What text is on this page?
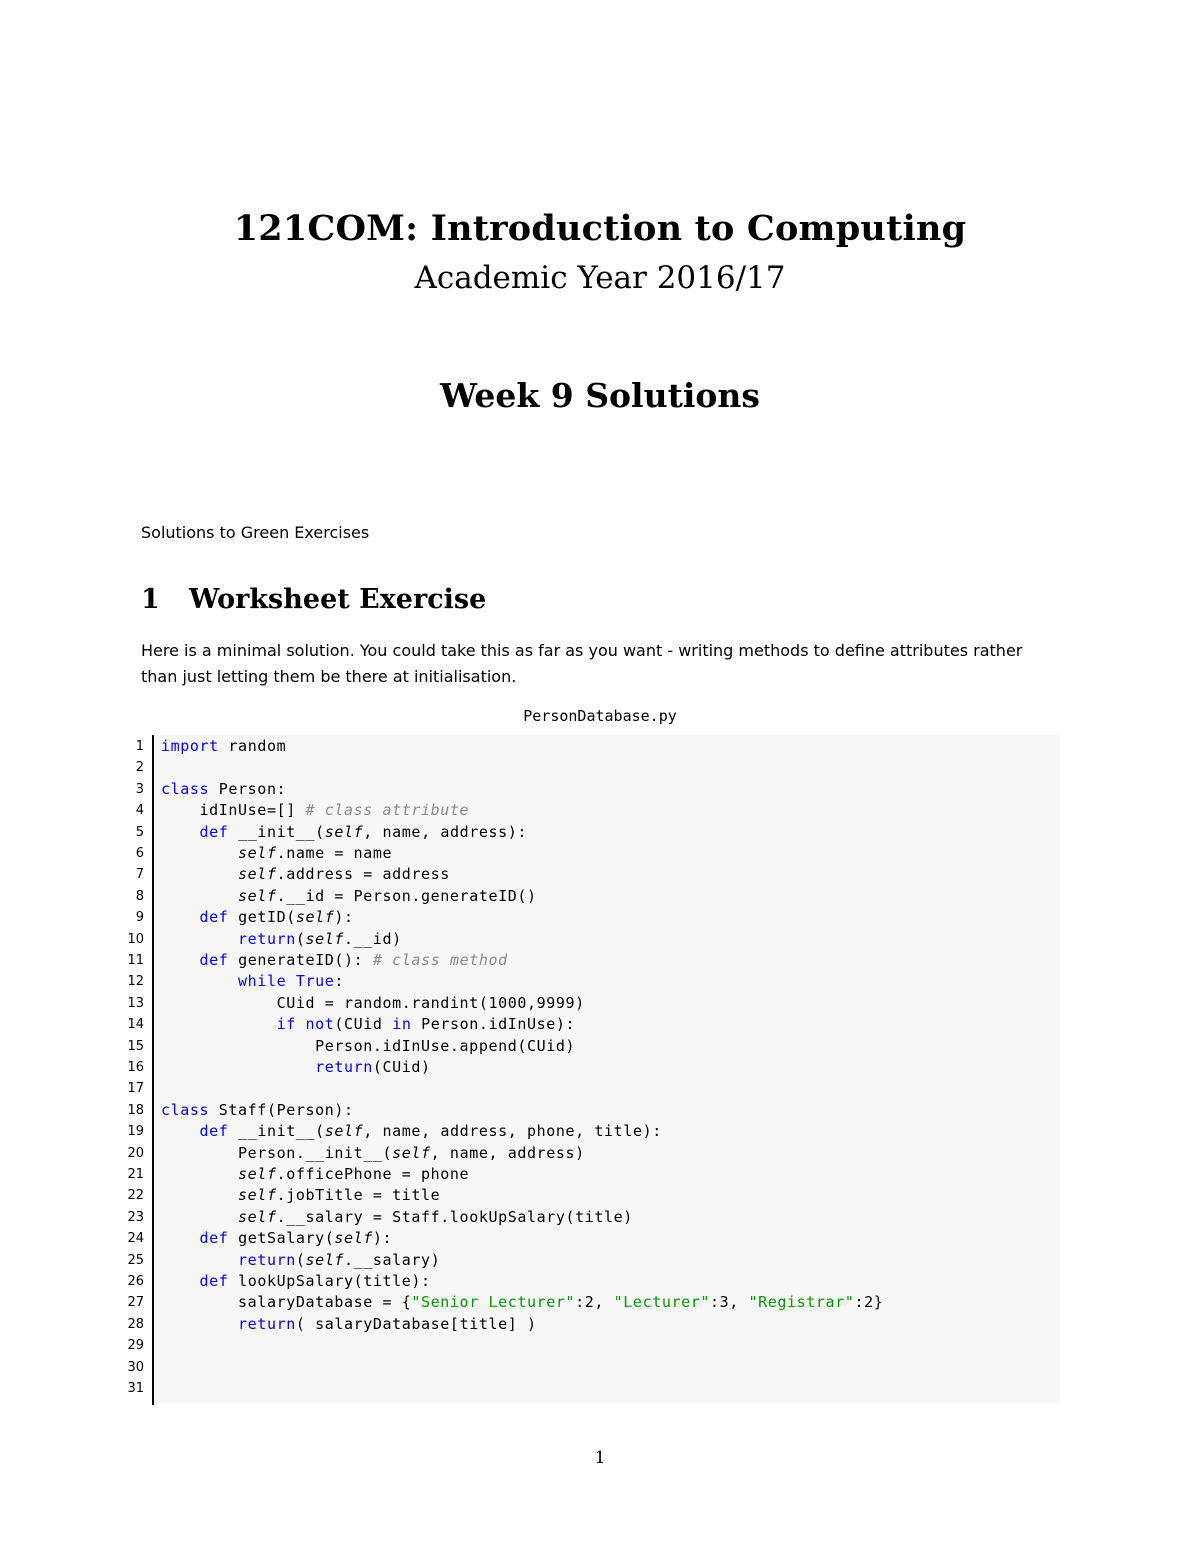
121COM: Introduction to Computing
Academic Year 2016/17
Week 9 Solutions
Solutions to Green Exercises
1 Worksheet Exercise
Here is a minimal solution. You could take this as far as you want - writing methods to define attributes rather than just letting them be there at initialisation.
PersonDatabase.py
1 import random
2
3 class Person:
4 idInUse=[] # class attribute
5	def __init__(self, name, address):
6	self.name = name
7	self.address = address
8	self.__id = Person.generateID()
9	def getID(self):
10	return(self.__id)
11	def generateID(): # class method
12	while True:
13 CUid = random.randint(1000,9999)
14	if not(CUid in Person.idInUse):
15 Person.idInUse.append(CUid)
16	return(CUid)
17
18 class Staff(Person):
19	def __init__(self, name, address, phone, title):
20 Person.__init__(self, name, address)
21	self.officePhone = phone
22	self.jobTitle = title
23	self.__salary = Staff.lookUpSalary(title)
24	def getSalary(self):
25	return(self.__salary)
26	def lookUpSalary(title):
27 salaryDatabase = {"Senior Lecturer":2, "Lecturer":3, "Registrar":2}
28	return( salaryDatabase[title] )
29
30
31
1
